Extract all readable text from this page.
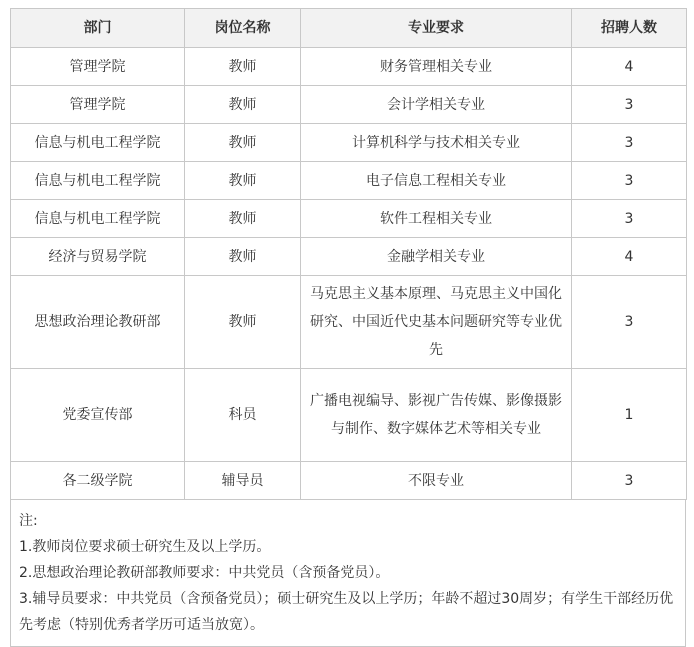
部门	岗位名称	专业要求	招聘人数
管理学院	教师	财务管理相关专业	4
管理学院	教师	会计学相关专业	3
信息与机电工程学院	教师	计算机科学与技术相关专业	3
信息与机电工程学院	教师	电子信息工程相关专业	3
信息与机电工程学院	教师	软件工程相关专业	3
经济与贸易学院	教师	金融学相关专业	4
思想政治理论教研部	教师	马克思主义基本原理、马克思主义中国化研究、中国近代史基本问题研究等专业优先	3
党委宣传部	科员	广播电视编导、影视广告传媒、影像摄影与制作、数字媒体艺术等相关专业	1
各二级学院	辅导员	不限专业	3

注:

1.教师岗位要求硕士研究生及以上学历。

2.思想政治理论教研部教师要求：中共党员（含预备党员）。

3.辅导员要求：中共党员（含预备党员）；硕士研究生及以上学历；年龄不超过30周岁；有学生干部经历优先考虑（特别优秀者学历可适当放宽）。
